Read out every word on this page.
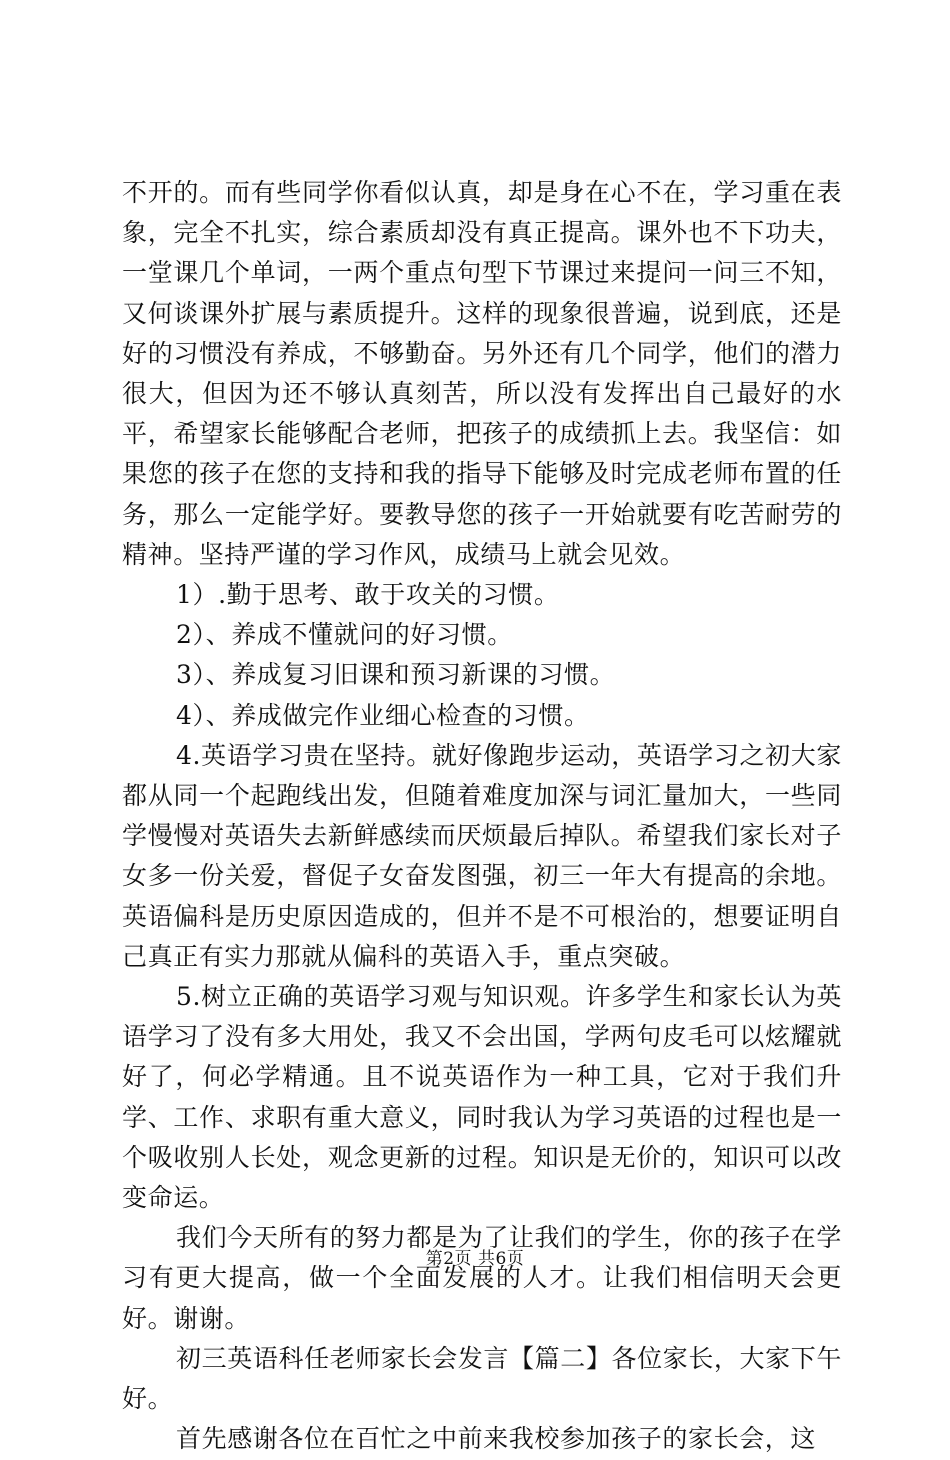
不开的。而有些同学你看似认真，却是身在心不在，学习重在表象，完全不扎实，综合素质却没有真正提高。课外也不下功夫，一堂课几个单词，一两个重点句型下节课过来提问一问三不知，又何谈课外扩展与素质提升。这样的现象很普遍，说到底，还是好的习惯没有养成，不够勤奋。另外还有几个同学，他们的潜力很大，但因为还不够认真刻苦，所以没有发挥出自己最好的水平，希望家长能够配合老师，把孩子的成绩抓上去。我坚信：如果您的孩子在您的支持和我的指导下能够及时完成老师布置的任务，那么一定能学好。要教导您的孩子一开始就要有吃苦耐劳的精神。坚持严谨的学习作风，成绩马上就会见效。

1）.勤于思考、敢于攻关的习惯。

2）、养成不懂就问的好习惯。

3）、养成复习旧课和预习新课的习惯。

4）、养成做完作业细心检查的习惯。

4.英语学习贵在坚持。就好像跑步运动，英语学习之初大家都从同一个起跑线出发，但随着难度加深与词汇量加大，一些同学慢慢对英语失去新鲜感续而厌烦最后掉队。希望我们家长对子女多一份关爱，督促子女奋发图强，初三一年大有提高的余地。英语偏科是历史原因造成的，但并不是不可根治的，想要证明自己真正有实力那就从偏科的英语入手，重点突破。

5.树立正确的英语学习观与知识观。许多学生和家长认为英语学习了没有多大用处，我又不会出国，学两句皮毛可以炫耀就好了，何必学精通。且不说英语作为一种工具，它对于我们升学、工作、求职有重大意义，同时我认为学习英语的过程也是一个吸收别人长处，观念更新的过程。知识是无价的，知识可以改变命运。

我们今天所有的努力都是为了让我们的学生，你的孩子在学习有更大提高，做一个全面发展的人才。让我们相信明天会更好。谢谢。

初三英语科任老师家长会发言【篇二】各位家长，大家下午好。

首先感谢各位在百忙之中前来我校参加孩子的家长会，这

第2页 共6页
